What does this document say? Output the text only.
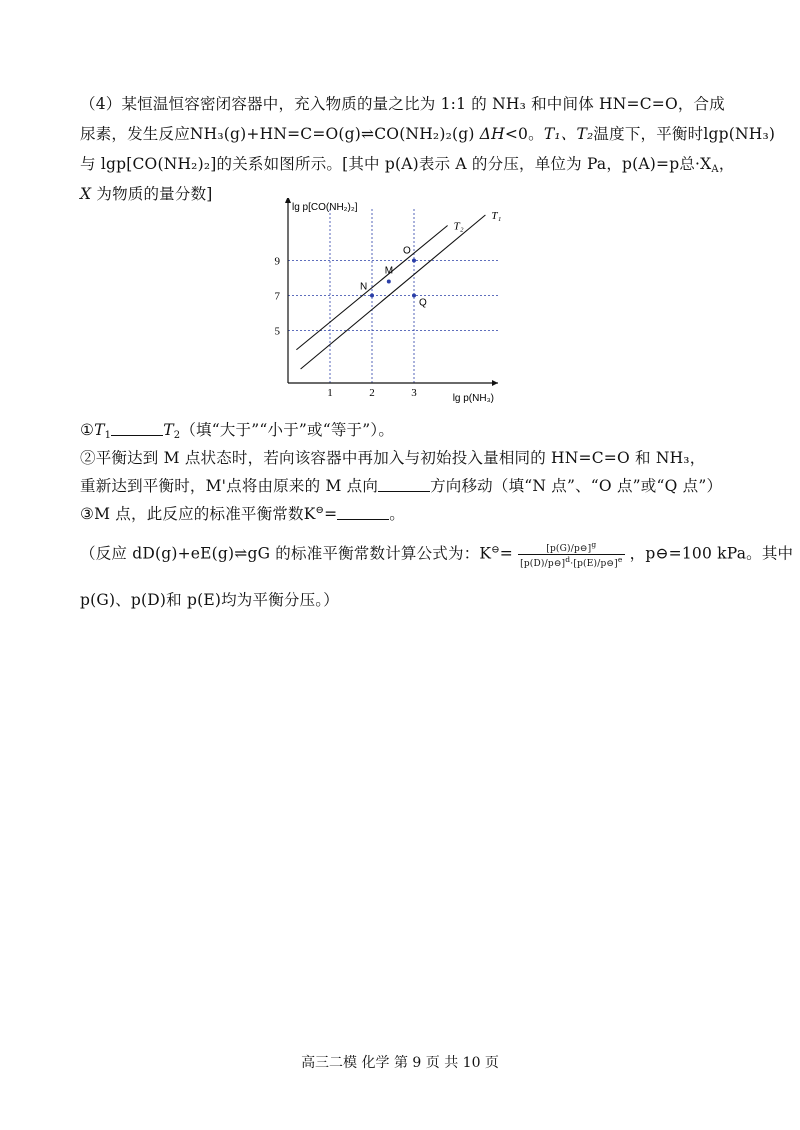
（4）某恒温恒容密闭容器中，充入物质的量之比为 1:1 的 NH₃ 和中间体 HN=C=O，合成
尿素，发生反应NH₃(g)+HN=C=O(g)⇌CO(NH₂)₂(g) ΔH<0。T₁、T₂温度下，平衡时lgp(NH₃)
与 lgp[CO(NH₂)₂]的关系如图所示。[其中 p(A)表示 A 的分压，单位为 Pa，p(A)=p总$\cdot X_A$，
X 为物质的量分数]
1	2	3
5
7
9
lg p[CO(NH₂)₂]
lg p(NH₃)
T₂
T₁
N
M
O
Q
$①T_1$	$T_2$（填“大于”“小于”或“等于”）。
②平衡达到 M 点状态时，若向该容器中再加入与初始投入量相同的 HN=C=O 和 NH₃，
重新达到平衡时，M'点将由原来的 M 点向	方向移动（填“N 点”、“O 点”或“Q 点”）
③M 点，此反应的标准平衡常数K⊖=	。
（反应 dD(g)+eE(g)⇌gG 的标准平衡常数计算公式为：$K^⊖= \frac{[p(G)/p⊖]^g}{[p(D)/p⊖]^d\cdot[p(E)/p⊖]^e}$ ，p⊖=100 kPa。其中
p(G)、p(D)和 p(E)均为平衡分压。）
高三二模 化学 第 9 页 共 10 页
